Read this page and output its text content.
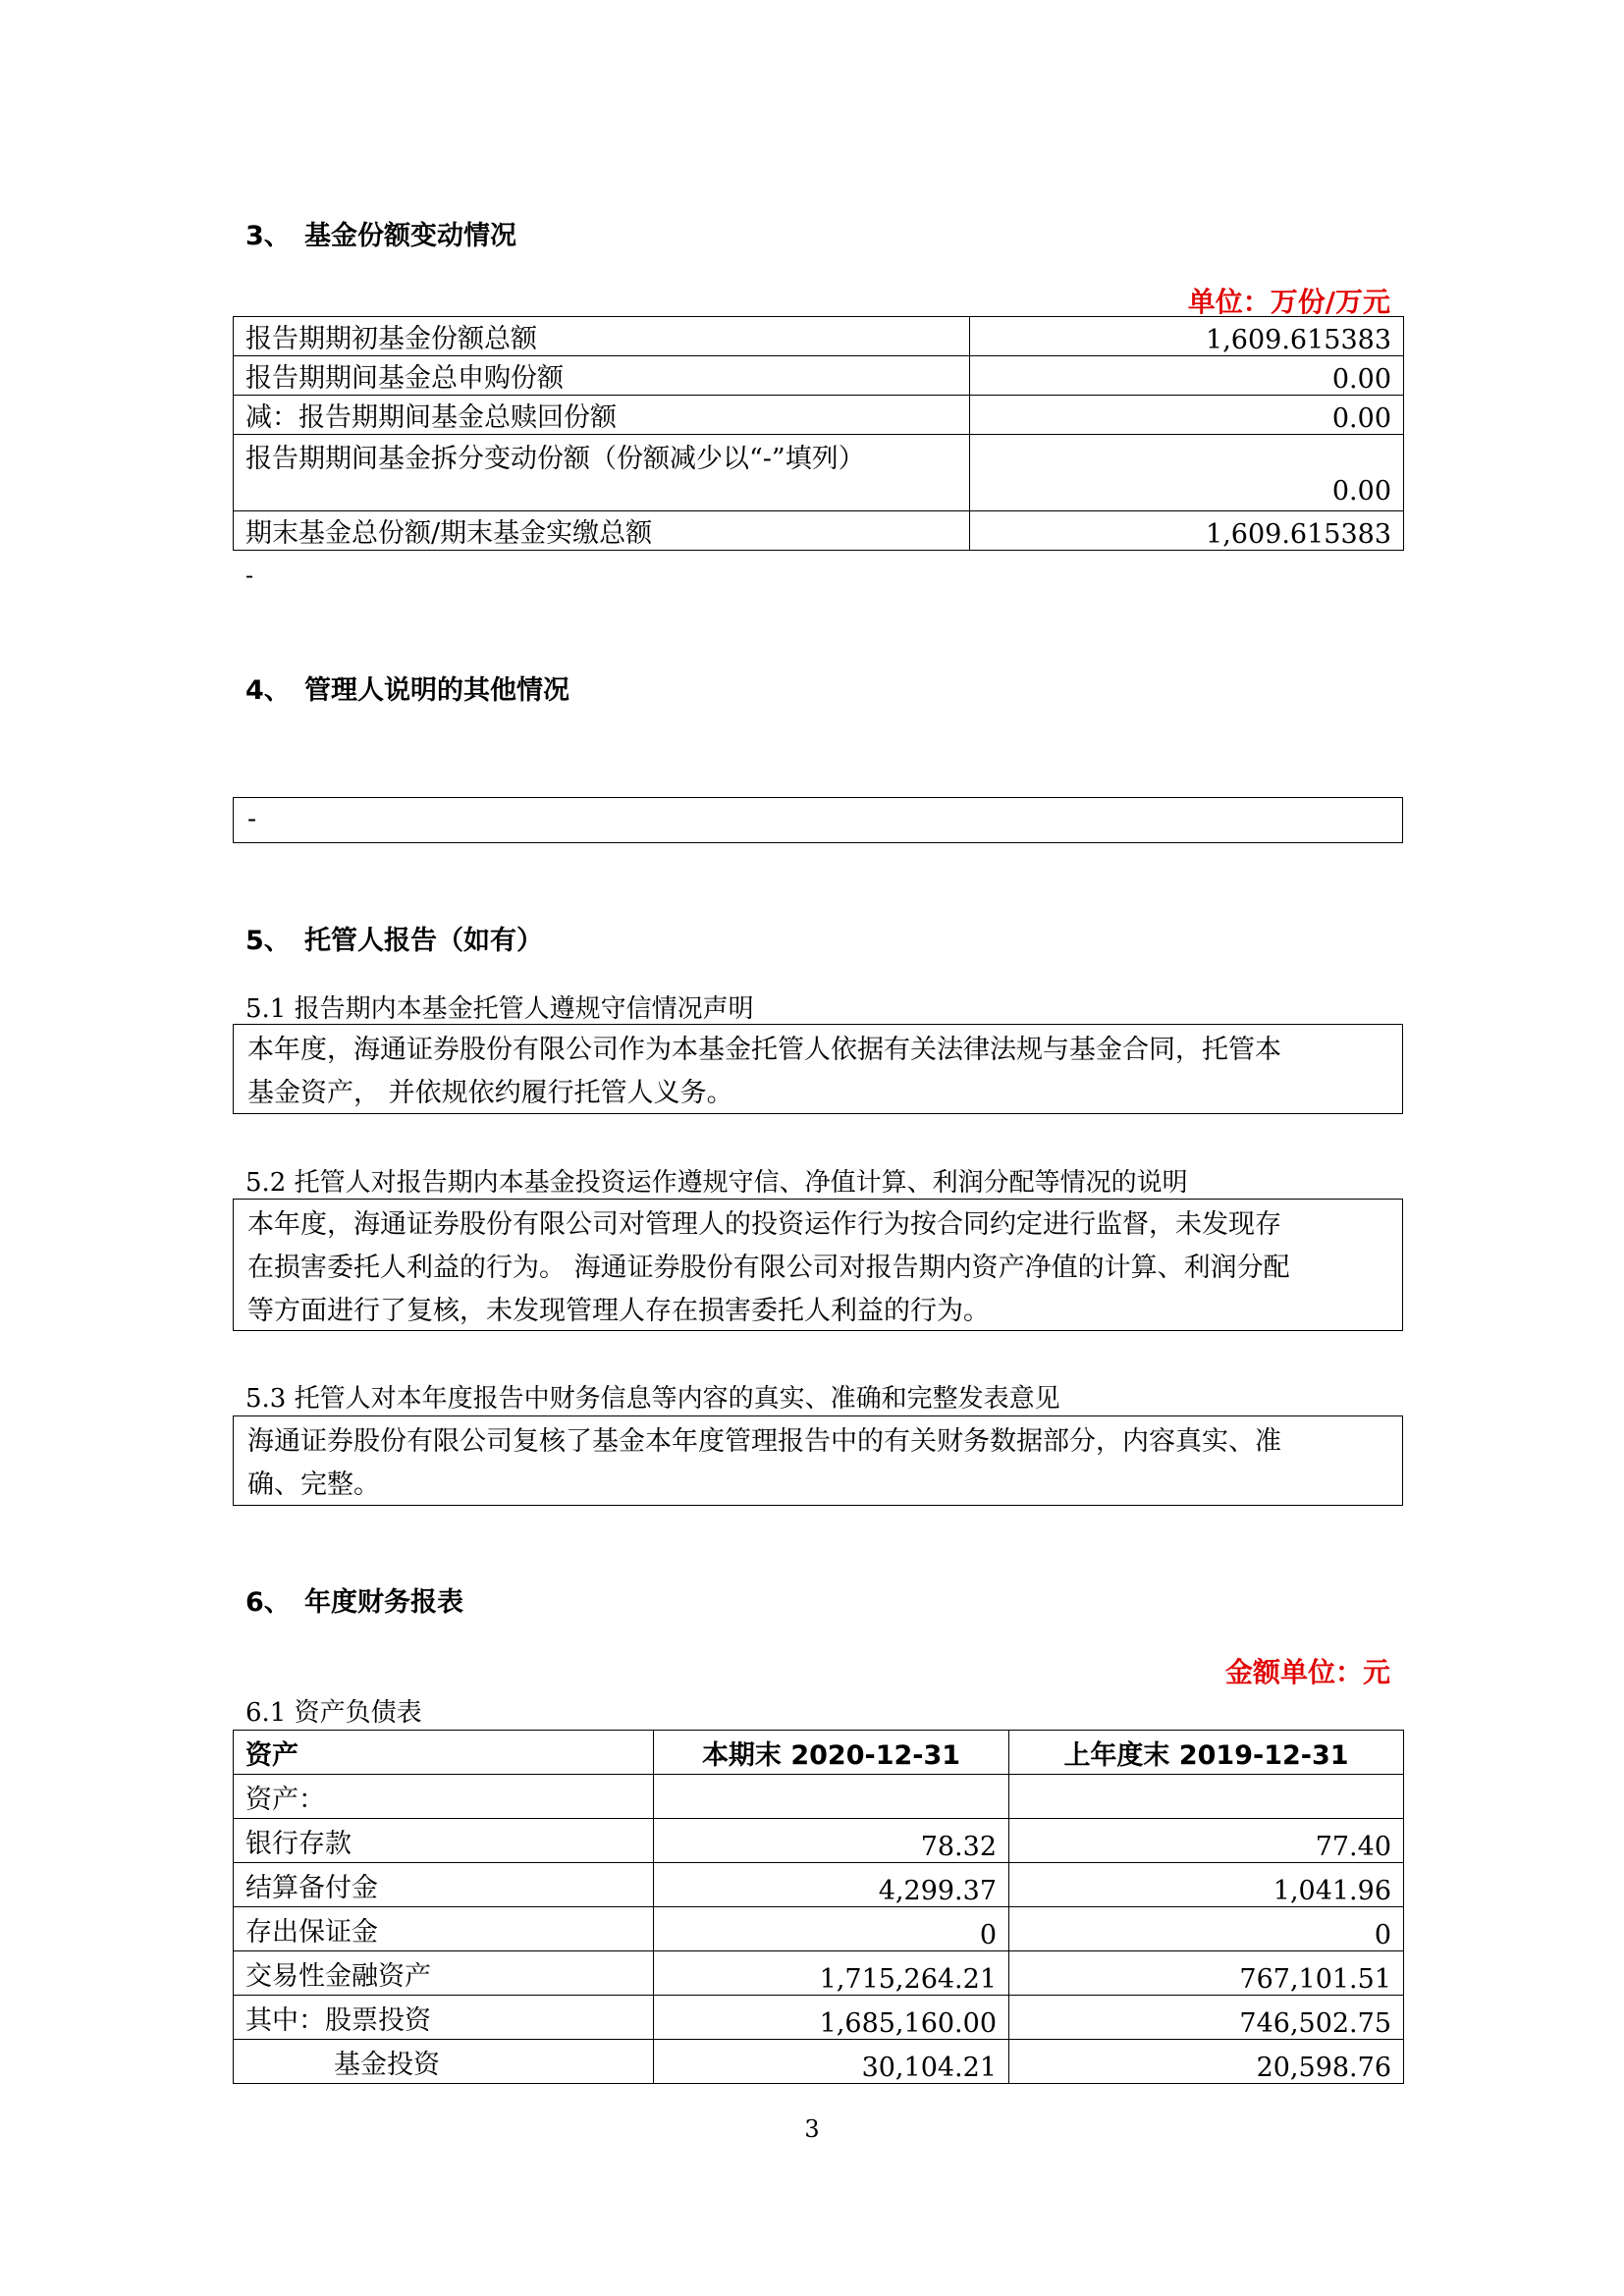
3、 基金份额变动情况
单位：万份/万元
报告期期初基金份额总额	1,609.615383
报告期期间基金总申购份额	0.00
减：报告期期间基金总赎回份额	0.00
报告期期间基金拆分变动份额（份额减少以“-”填列）	0.00
期末基金总份额/期末基金实缴总额	1,609.615383
-
4、 管理人说明的其他情况
-
5、 托管人报告（如有）
5.1 报告期内本基金托管人遵规守信情况声明
本年度，海通证券股份有限公司作为本基金托管人依据有关法律法规与基金合同，托管本
基金资产， 并依规依约履行托管人义务。
5.2 托管人对报告期内本基金投资运作遵规守信、净值计算、利润分配等情况的说明
本年度，海通证券股份有限公司对管理人的投资运作行为按合同约定进行监督，未发现存
在损害委托人利益的行为。 海通证券股份有限公司对报告期内资产净值的计算、利润分配
等方面进行了复核，未发现管理人存在损害委托人利益的行为。
5.3 托管人对本年度报告中财务信息等内容的真实、准确和完整发表意见
海通证券股份有限公司复核了基金本年度管理报告中的有关财务数据部分，内容真实、准
确、完整。
6、 年度财务报表
金额单位：元
6.1 资产负债表
资产	本期末 2020-12-31	上年度末 2019-12-31
资产：		
银行存款	78.32	77.40
结算备付金	4,299.37	1,041.96
存出保证金	0	0
交易性金融资产	1,715,264.21	767,101.51
其中：股票投资	1,685,160.00	746,502.75
基金投资	30,104.21	20,598.76
3
